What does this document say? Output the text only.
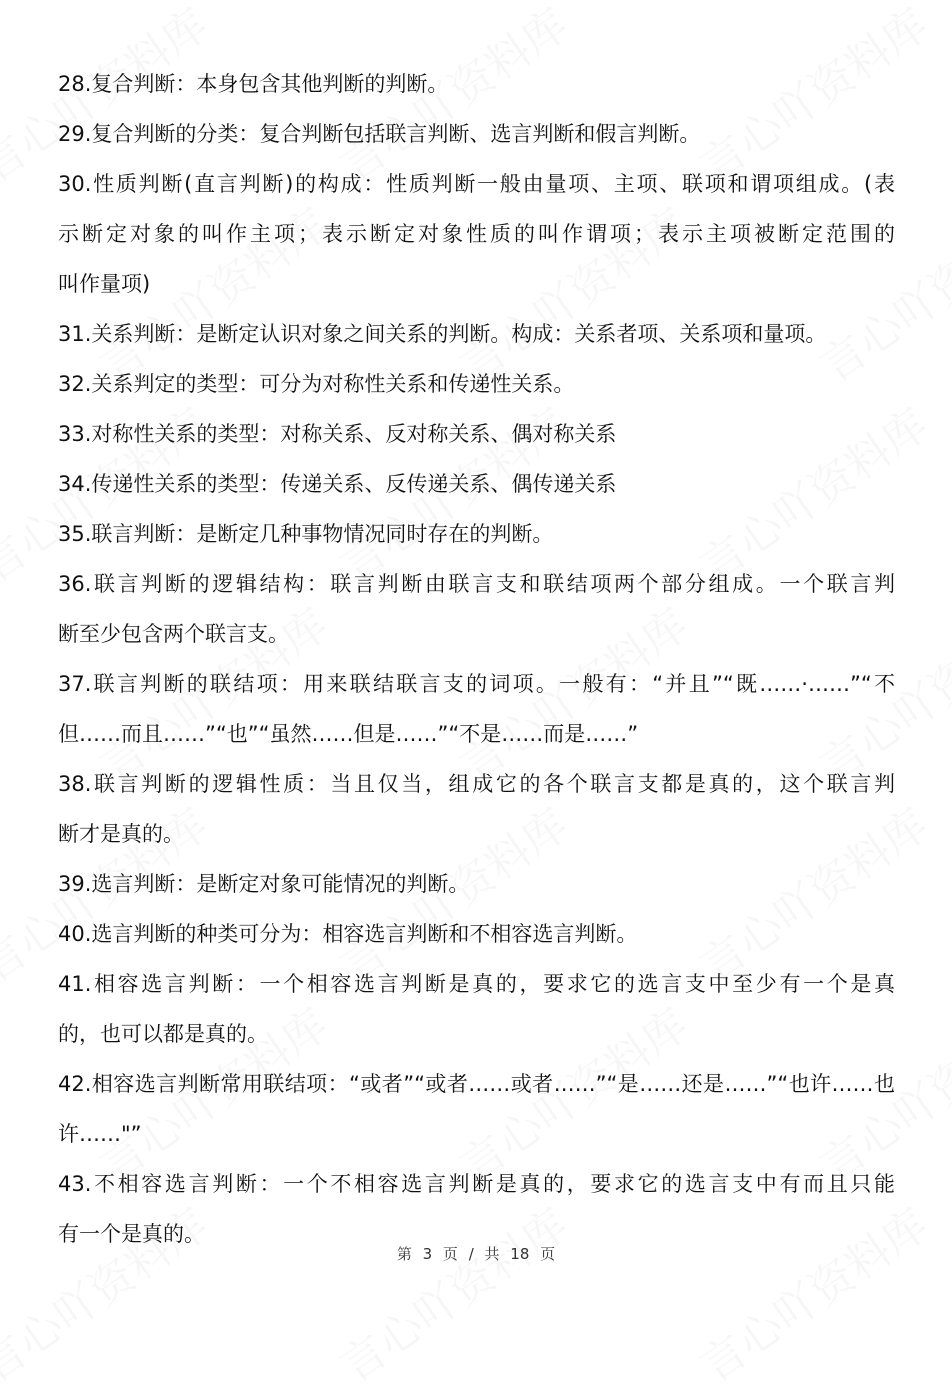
28.复合判断：本身包含其他判断的判断。
29.复合判断的分类：复合判断包括联言判断、选言判断和假言判断。
30.性质判断(直言判断)的构成：性质判断一般由量项、主项、联项和谓项组成。(表
示断定对象的叫作主项；表示断定对象性质的叫作谓项；表示主项被断定范围的
叫作量项)
31.关系判断：是断定认识对象之间关系的判断。构成：关系者项、关系项和量项。
32.关系判定的类型：可分为对称性关系和传递性关系。
33.对称性关系的类型：对称关系、反对称关系、偶对称关系
34.传递性关系的类型：传递关系、反传递关系、偶传递关系
35.联言判断：是断定几种事物情况同时存在的判断。
36.联言判断的逻辑结构：联言判断由联言支和联结项两个部分组成。一个联言判
断至少包含两个联言支。
37.联言判断的联结项：用来联结联言支的词项。一般有：“并且”“既……·……”“不
但……而且……”“也”“虽然……但是……”“不是……而是……”
38.联言判断的逻辑性质：当且仅当，组成它的各个联言支都是真的，这个联言判
断才是真的。
39.选言判断：是断定对象可能情况的判断。
40.选言判断的种类可分为：相容选言判断和不相容选言判断。
41.相容选言判断：一个相容选言判断是真的，要求它的选言支中至少有一个是真
的，也可以都是真的。
42.相容选言判断常用联结项：“或者”“或者……或者……”“是……还是……”“也许……也
许……"”
43.不相容选言判断：一个不相容选言判断是真的，要求它的选言支中有而且只能
有一个是真的。
第 3 页 / 共 18 页
